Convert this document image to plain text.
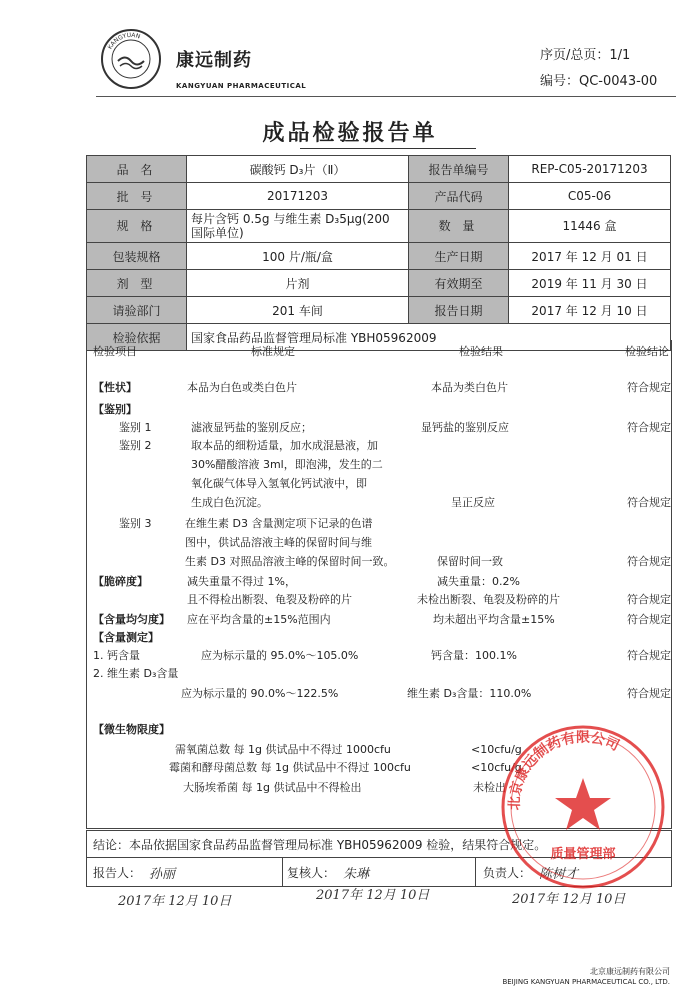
KANGYUAN
康远制药
KANGYUAN PHARMACEUTICAL
序页/总页：1/1
编号：QC-0043-00
成品检验报告单
品 名	碳酸钙 D₃片（Ⅱ）	报告单编号	REP-C05-20171203
批 号	20171203	产品代码	C05-06
规 格	每片含钙 0.5g 与维生素 D₃5μg(200 国际单位)	数 量	11446 盒
包装规格	100 片/瓶/盒	生产日期	2017 年 12 月 01 日
剂 型	片剂	有效期至	2019 年 11 月 30 日
请验部门	201 车间	报告日期	2017 年 12 月 10 日
检验依据	国家食品药品监督管理局标准 YBH05962009		
检验项目	标准规定	检验结果	检验结论
【性状】	本品为白色或类白色片	本品为类白色片	符合规定
【鉴别】
鉴别 1	滤液显钙盐的鉴别反应；	显钙盐的鉴别反应	符合规定
鉴别 2	取本品的细粉适量，加水成混悬液，加
30%醋酸溶液 3ml，即泡沸，发生的二
氧化碳气体导入氢氧化钙试液中，即
生成白色沉淀。	呈正反应	符合规定
鉴别 3	在维生素 D3 含量测定项下记录的色谱
图中，供试品溶液主峰的保留时间与维
生素 D3 对照品溶液主峰的保留时间一致。	保留时间一致	符合规定
【脆碎度】	减失重量不得过 1%，	减失重量：0.2%
且不得检出断裂、龟裂及粉碎的片	未检出断裂、龟裂及粉碎的片	符合规定
【含量均匀度】 应在平均含量的±15%范围内	均未超出平均含量±15%	符合规定
【含量测定】
1. 钙含量	应为标示量的 95.0%～105.0%	钙含量：100.1%	符合规定
2. 维生素 D₃含量
应为标示量的 90.0%～122.5%	维生素 D₃含量：110.0%	符合规定
【微生物限度】
需氧菌总数 每 1g 供试品中不得过 1000cfu	<10cfu/g
霉菌和酵母菌总数 每 1g 供试品中不得过 100cfu	<10cfu/g
大肠埃希菌 每 1g 供试品中不得检出	未检出
结论：本品依据国家食品药品监督管理局标准 YBH05962009 检验，结果符合规定。
报告人： 孙丽	复核人： 朱琳	负责人： 陈树才
2017年 12月 10日	2017年 12月 10日	2017年 12月 10日
北京康远制药有限公司
质量管理部
北京康远制药有限公司
BEIJING KANGYUAN PHARMACEUTICAL CO., LTD.
